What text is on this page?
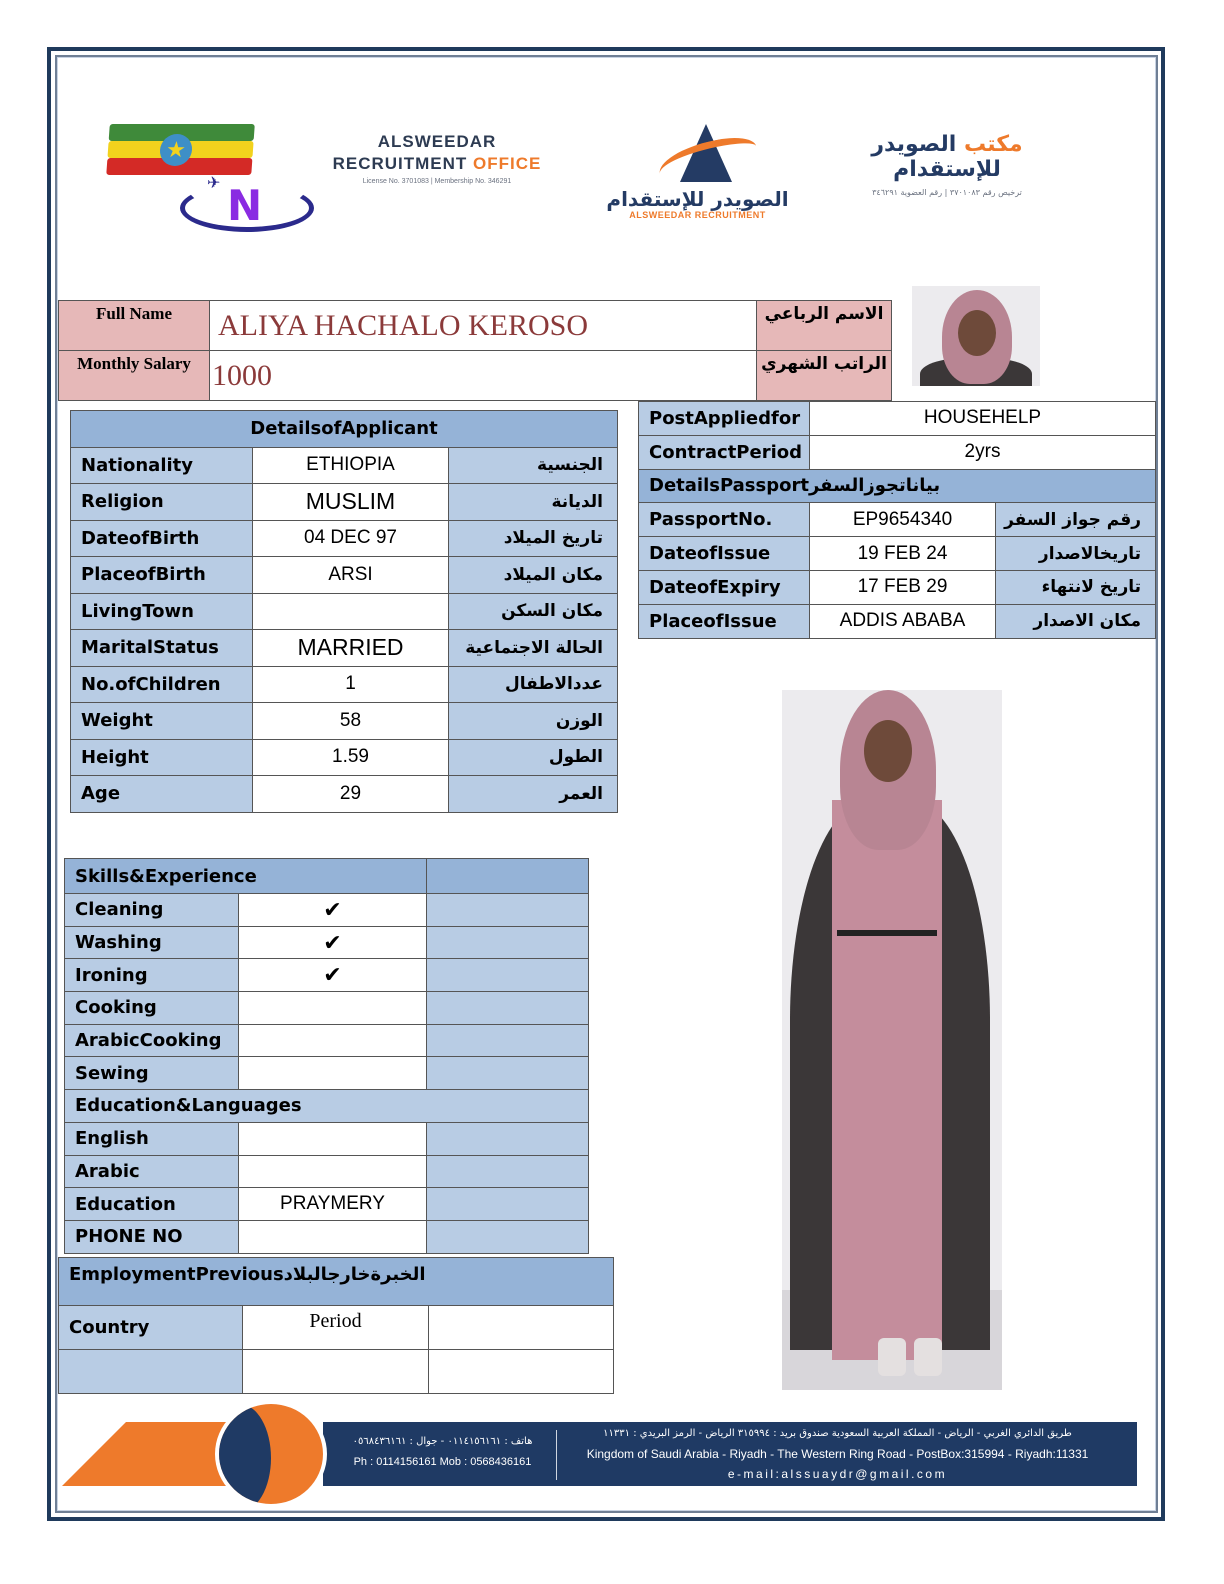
★
✈ N
ALSWEEDAR
RECRUITMENT OFFICE
License No. 3701083 | Membership No. 346291
الصويدر للإستقدام
ALSWEEDAR RECRUITMENT
مكتب الصويدر للإستقدام
ترخيص رقم ٣٧٠١٠٨٣ | رقم العضوية ٣٤٦٢٩١
Full Name	ALIYA HACHALO KEROSO	الاسم الرباعي
Monthly Salary	1000	الراتب الشهري
DetailsofApplicant		
Nationality	ETHIOPIA	الجنسية
Religion	MUSLIM	الديانة
DateofBirth	04 DEC 97	تاريخ الميلاد
PlaceofBirth	ARSI	مكان الميلاد
LivingTown		مكان السكن
MaritalStatus	MARRIED	الحالة الاجتماعية
No.ofChildren	1	عددالاطفال
Weight	58	الوزن
Height	1.59	الطول
Age	29	العمر
PostAppliedfor	HOUSEHELP	
ContractPeriod	2yrs	
DetailsPassportبياناتجوزالسفر		
PassportNo.	EP9654340	رقم جواز السفر
DateofIssue	19 FEB 24	تاريخالاصدار
DateofExpiry	17 FEB 29	تاريخ لانتهاء
PlaceofIssue	ADDIS ABABA	مكان الاصدار
Skills&Experience		
Cleaning	✔	
Washing	✔	
Ironing	✔	
Cooking		
ArabicCooking		
Sewing		
Education&Languages		
English		
Arabic		
Education	PRAYMERY	
PHONE NO		
EmploymentPreviousالخبرةخارجالبلاد		
Country	Period	

هاتف : ٠١١٤١٥٦١٦١ - جوال : ٠٥٦٨٤٣٦١٦١
Ph : 0114156161 Mob : 0568436161
طريق الدائري الغربي - الرياض - المملكة العربية السعودية صندوق بريد : ٣١٥٩٩٤ الرياض - الرمز البريدي : ١١٣٣١
Kingdom of Saudi Arabia - Riyadh - The Western Ring Road - PostBox:315994 - Riyadh:11331
e-mail:alssuaydr@gmail.com
